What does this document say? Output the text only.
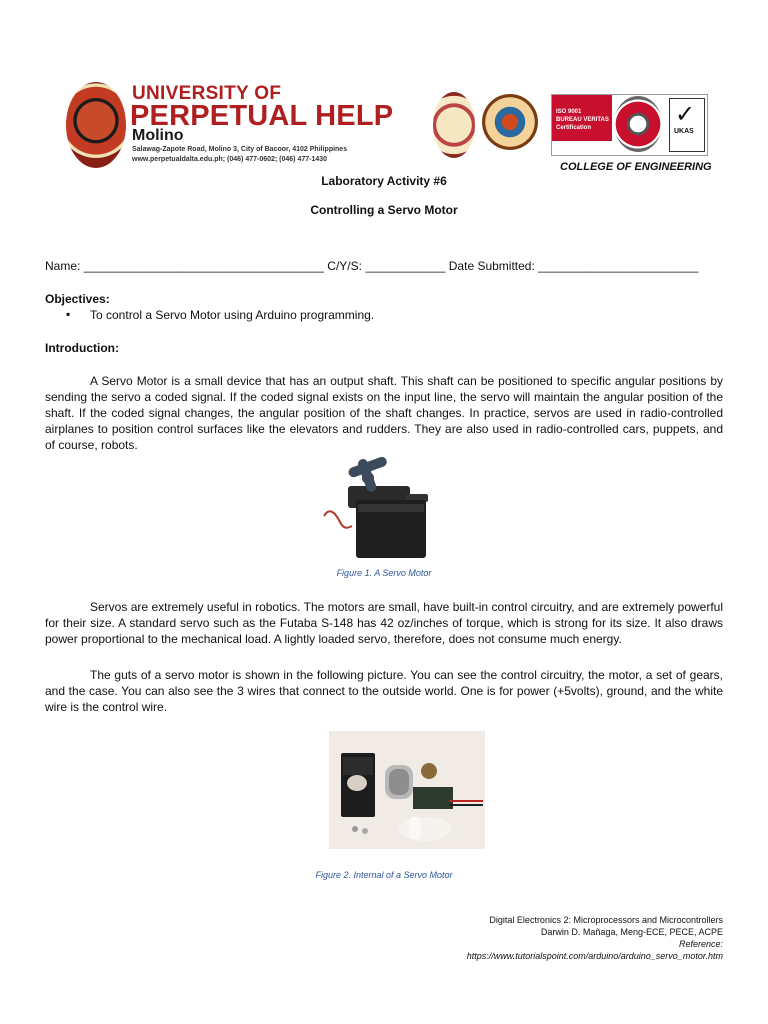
UNIVERSITY OF
PERPETUAL HELP
Molino
Salawag-Zapote Road, Molino 3, City of Bacoor, 4102 Philippines
www.perpetualdalta.edu.ph; (046) 477-0602; (046) 477-1430
ISO 9001
BUREAU VERITAS
Certification	✓
UKAS
COLLEGE OF ENGINEERING
Laboratory Activity #6
Controlling a Servo Motor
Name: ____________________________________ C/Y/S: ____________ Date Submitted: ________________________
Objectives:
▪ To control a Servo Motor using Arduino programming.
Introduction:
A Servo Motor is a small device that has an output shaft. This shaft can be positioned to specific angular positions by sending the servo a coded signal. If the coded signal exists on the input line, the servo will maintain the angular position of the shaft. If the coded signal changes, the angular position of the shaft changes. In practice, servos are used in radio-controlled airplanes to position control surfaces like the elevators and rudders. They are also used in radio-controlled cars, puppets, and of course, robots.
Figure 1. A Servo Motor
Servos are extremely useful in robotics. The motors are small, have built-in control circuitry, and are extremely powerful for their size. A standard servo such as the Futaba S-148 has 42 oz/inches of torque, which is strong for its size. It also draws power proportional to the mechanical load. A lightly loaded servo, therefore, does not consume much energy.
The guts of a servo motor is shown in the following picture. You can see the control circuitry, the motor, a set of gears, and the case. You can also see the 3 wires that connect to the outside world. One is for power (+5volts), ground, and the white wire is the control wire.
Figure 2. Internal of a Servo Motor
Digital Electronics 2: Microprocessors and Microcontrollers
Darwin D. Mañaga, Meng-ECE, PECE, ACPE
Reference:
https://www.tutorialspoint.com/arduino/arduino_servo_motor.htm
